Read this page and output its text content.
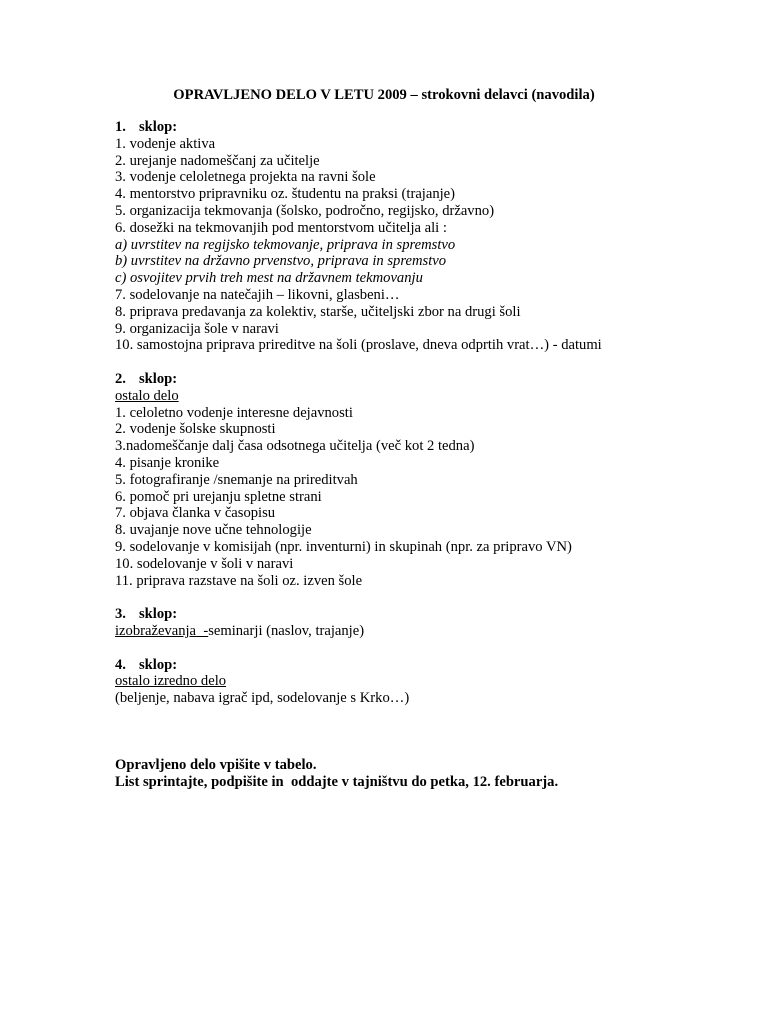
OPRAVLJENO DELO V LETU 2009 – strokovni delavci (navodila)
1. sklop:
1. vodenje aktiva
2. urejanje nadomeščanj za učitelje
3. vodenje celoletnega projekta na ravni šole
4. mentorstvo pripravniku oz. študentu na praksi (trajanje)
5. organizacija tekmovanja (šolsko, področno, regijsko, državno)
6. dosežki na tekmovanjih pod mentorstvom učitelja ali :
a) uvrstitev na regijsko tekmovanje, priprava in spremstvo
b) uvrstitev na državno prvenstvo, priprava in spremstvo
c) osvojitev prvih treh mest na državnem tekmovanju
7. sodelovanje na natečajih – likovni, glasbeni…
8. priprava predavanja za kolektiv, starše, učiteljski zbor na drugi šoli
9. organizacija šole v naravi
10. samostojna priprava prireditve na šoli (proslave, dneva odprtih vrat…) - datumi
2. sklop:
ostalo delo
1. celoletno vodenje interesne dejavnosti
2. vodenje šolske skupnosti
3.nadomeščanje dalj časa odsotnega učitelja (več kot 2 tedna)
4. pisanje kronike
5. fotografiranje /snemanje na prireditvah
6. pomoč pri urejanju spletne strani
7. objava članka v časopisu
8. uvajanje nove učne tehnologije
9. sodelovanje v komisijah (npr. inventurni) in skupinah (npr. za pripravo VN)
10. sodelovanje v šoli v naravi
11. priprava razstave na šoli oz. izven šole
3. sklop:
izobraževanja  -seminarji (naslov, trajanje)
4. sklop:
ostalo izredno delo
(beljenje, nabava igrač ipd, sodelovanje s Krko…)
Opravljeno delo vpišite v tabelo.
List sprintajte, podpišite in  oddajte v tajništvu do petka, 12. februarja.
